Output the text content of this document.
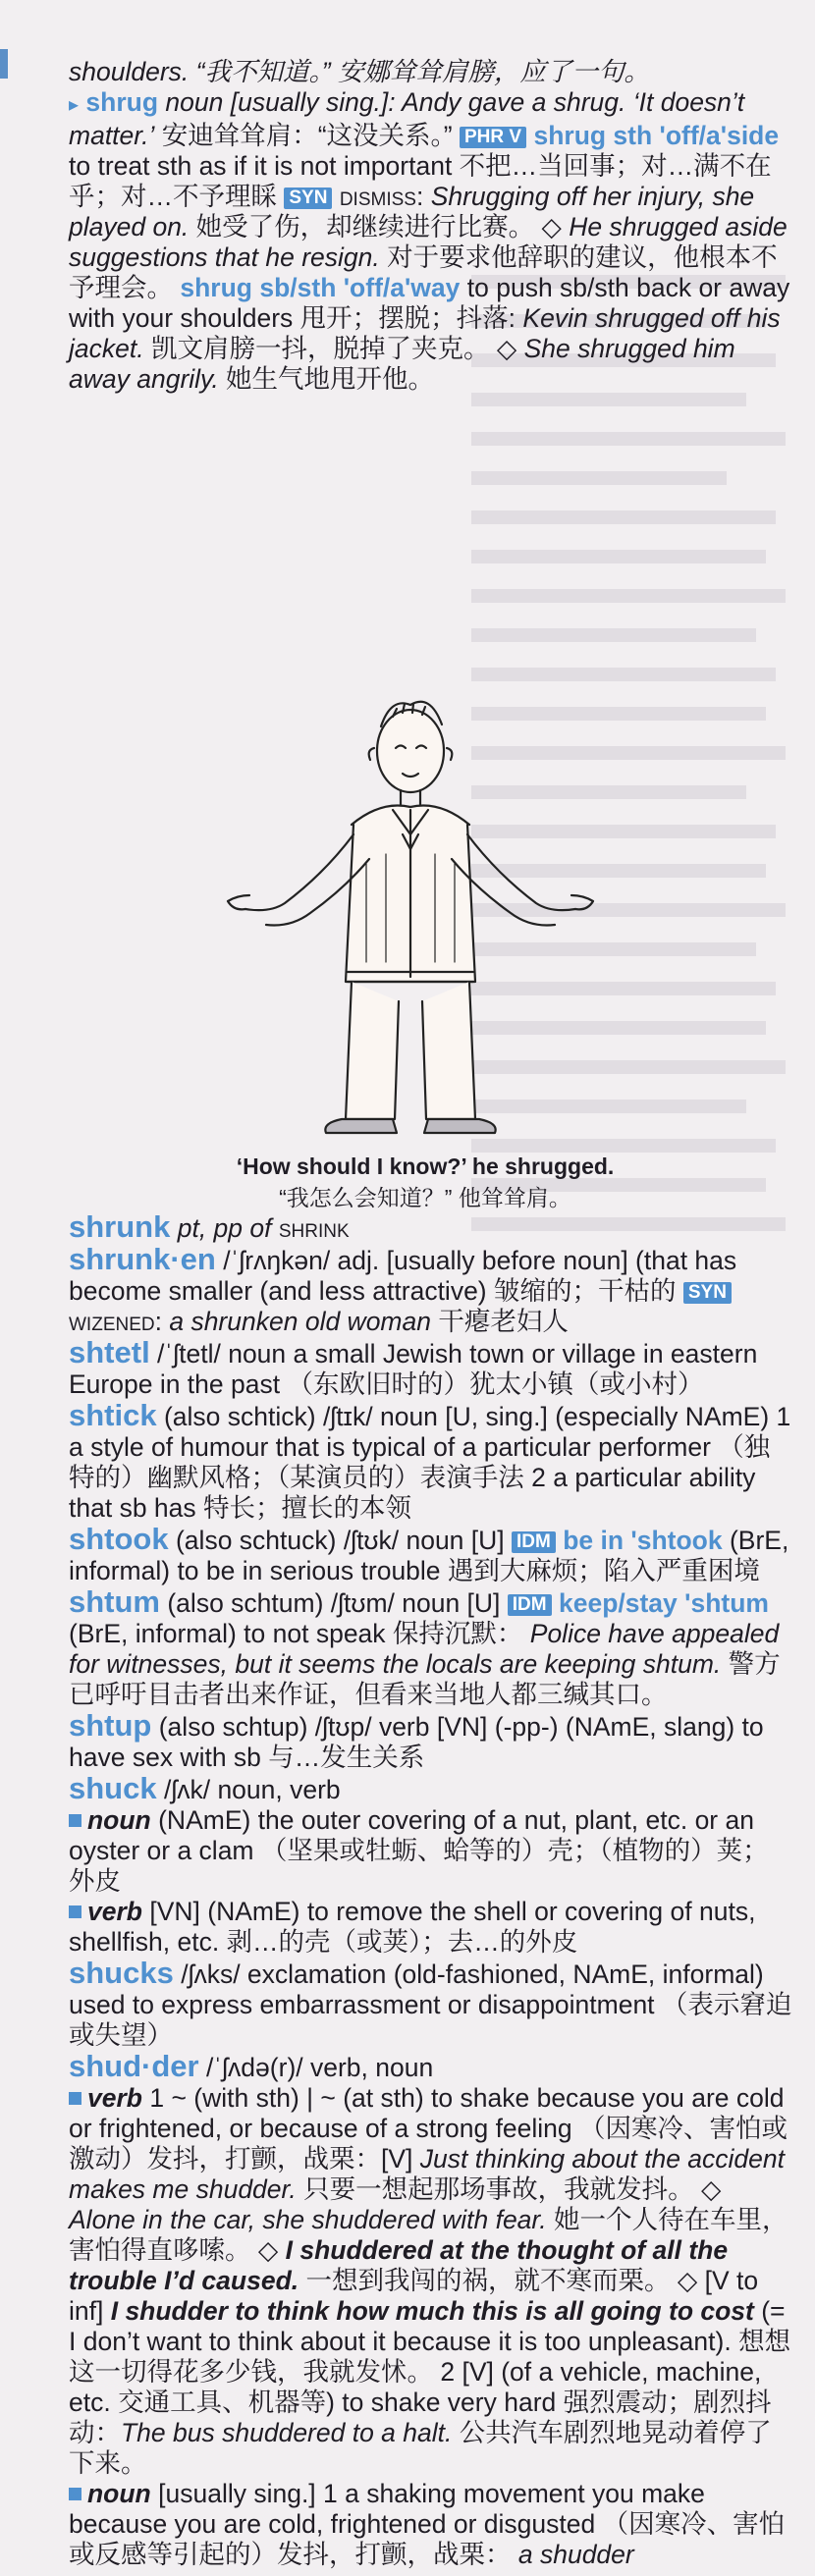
shoulders. “我不知道。” 安娜耸耸肩膀，应了一句。

▸ shrug noun [usually sing.]: Andy gave a shrug. ‘It doesn’t matter.’ 安迪耸耸肩：“这没关系。” PHR V shrug sth 'off/a'side to treat sth as if it is not important 不把…当回事；对…满不在乎；对…不予理睬 SYN dismiss: Shrugging off her injury, she played on. 她受了伤，却继续进行比赛。 ◇ He shrugged aside suggestions that he resign. 对于要求他辞职的建议，他根本不予理会。 shrug sb/sth 'off/a'way to push sb/sth back or away with your shoulders 甩开；摆脱；抖落: Kevin shrugged off his jacket. 凯文肩膀一抖，脱掉了夹克。 ◇ She shrugged him away angrily. 她生气地甩开他。

‘How should I know?’ he shrugged.
“我怎么会知道？” 他耸耸肩。

shrunk pt, pp of shrink

shrunk·en /ˈʃrʌŋkən/ adj. [usually before noun] (that has become smaller (and less attractive) 皱缩的；干枯的 SYN wizened: a shrunken old woman 干瘪老妇人

shtetl /ˈʃtetl/ noun a small Jewish town or village in eastern Europe in the past （东欧旧时的）犹太小镇（或小村）

shtick (also schtick) /ʃtɪk/ noun [U, sing.] (especially NAmE) 1 a style of humour that is typical of a particular performer （独特的）幽默风格；（某演员的）表演手法 2 a particular ability that sb has 特长；擅长的本领

shtook (also schtuck) /ʃtʊk/ noun [U] IDM be in 'shtook (BrE, informal) to be in serious trouble 遇到大麻烦；陷入严重困境

shtum (also schtum) /ʃtʊm/ noun [U] IDM keep/stay 'shtum (BrE, informal) to not speak 保持沉默： Police have appealed for witnesses, but it seems the locals are keeping shtum. 警方已呼吁目击者出来作证，但看来当地人都三缄其口。

shtup (also schtup) /ʃtʊp/ verb [VN] (-pp-) (NAmE, slang) to have sex with sb 与…发生关系

shuck /ʃʌk/ noun, verb

noun (NAmE) the outer covering of a nut, plant, etc. or an oyster or a clam （坚果或牡蛎、蛤等的）壳；（植物的）荚；外皮

verb [VN] (NAmE) to remove the shell or covering of nuts, shellfish, etc. 剥…的壳（或荚）；去…的外皮

shucks /ʃʌks/ exclamation (old-fashioned, NAmE, informal) used to express embarrassment or disappointment （表示窘迫或失望）

shud·der /ˈʃʌdə(r)/ verb, noun

verb 1 ~ (with sth) | ~ (at sth) to shake because you are cold or frightened, or because of a strong feeling （因寒冷、害怕或激动）发抖，打颤，战栗：[V] Just thinking about the accident makes me shudder. 只要一想起那场事故，我就发抖。 ◇ Alone in the car, she shuddered with fear. 她一个人待在车里，害怕得直哆嗦。 ◇ I shuddered at the thought of all the trouble I’d caused. 一想到我闯的祸，就不寒而栗。 ◇ [V to inf] I shudder to think how much this is all going to cost (= I don’t want to think about it because it is too unpleasant). 想想这一切得花多少钱，我就发怵。 2 [V] (of a vehicle, machine, etc. 交通工具、机器等) to shake very hard 强烈震动；剧烈抖动：The bus shuddered to a halt. 公共汽车剧烈地晃动着停了下来。

noun [usually sing.] 1 a shaking movement you make because you are cold, frightened or disgusted （因寒冷、害怕或反感等引起的）发抖，打颤，战栗： a shudder
